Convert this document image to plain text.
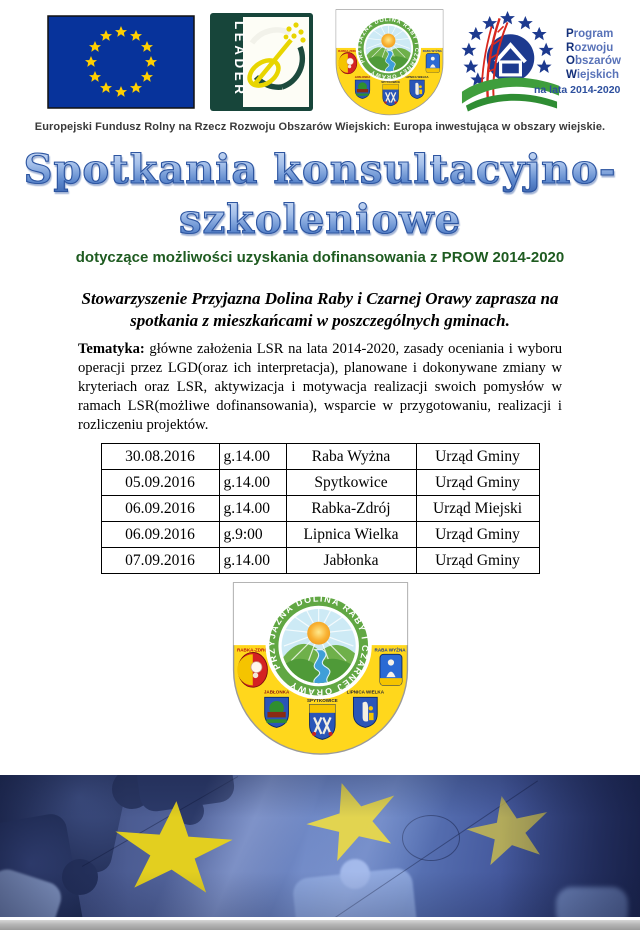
LEADER	Program
Rozwoju
Obszarów
Wiejskich
na lata 2014-2020
Europejski Fundusz Rolny na Rzecz Rozwoju Obszarów Wiejskich: Europa inwestująca w obszary wiejskie.
Spotkania konsultacyjno-
szkoleniowe
dotyczące możliwości uzyskania dofinansowania z PROW 2014-2020

Stowarzyszenie Przyjazna Dolina Raby i Czarnej Orawy zaprasza na spotkania z mieszkańcami w poszczególnych gminach.

Tematyka: główne założenia LSR na lata 2014-2020, zasady oceniania i wyboru operacji przez LGD(oraz ich interpretacja), planowane i dokonywane zmiany w kryteriach oraz LSR, aktywizacja i motywacja realizacji swoich pomysłów w ramach LSR(możliwe dofinansowania), wsparcie w przygotowaniu, realizacji i rozliczeniu projektów.

30.08.2016	g.14.00	Raba Wyżna	Urząd Gminy
05.09.2016	g.14.00	Spytkowice	Urząd Gminy
06.09.2016	g.14.00	Rabka-Zdrój	Urząd Miejski
06.09.2016	g.9:00	Lipnica Wielka	Urząd Gminy
07.09.2016	g.14.00	Jabłonka	Urząd Gminy
